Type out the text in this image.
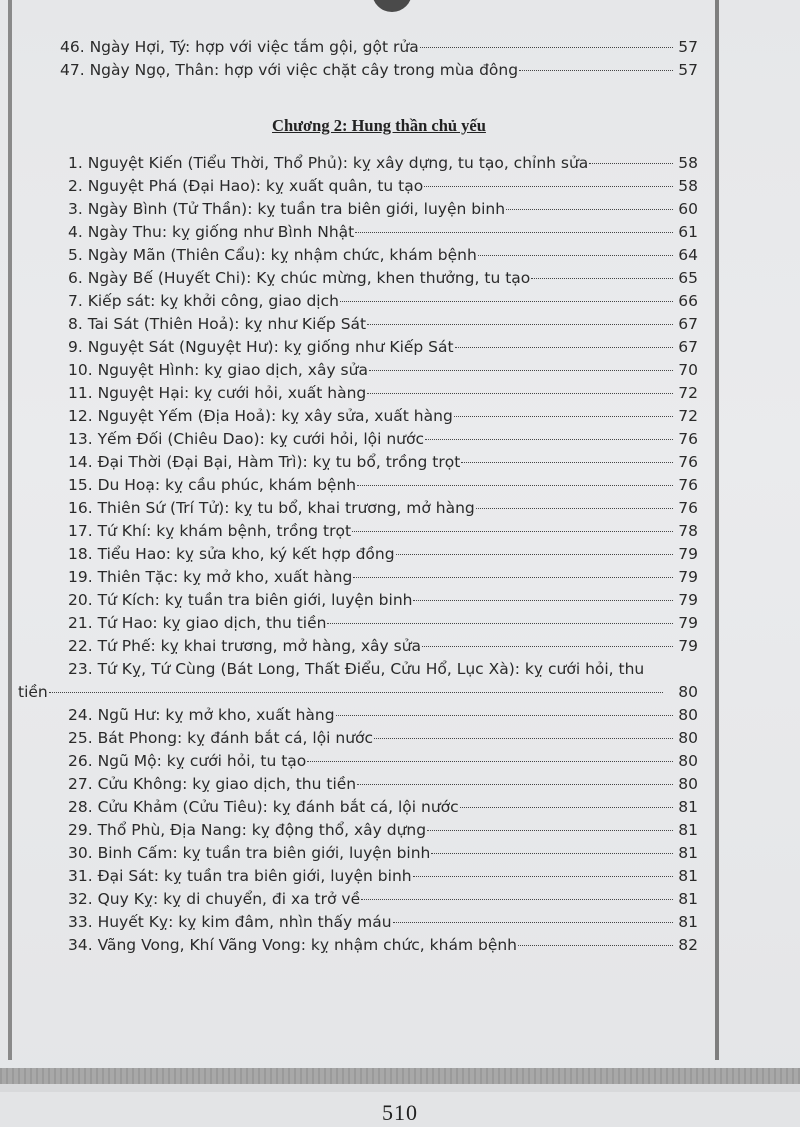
46. Ngày Hợi, Tý: hợp với việc tắm gội, gột rửa	57
47. Ngày Ngọ, Thân: hợp với việc chặt cây trong mùa đông	57
Chương 2: Hung thần chủ yếu
1. Nguyệt Kiến (Tiểu Thời, Thổ Phủ): kỵ xây dựng, tu tạo, chỉnh sửa	58
2. Nguyệt Phá (Đại Hao): kỵ xuất quân, tu tạo	58
3. Ngày Bình (Tử Thần): kỵ tuần tra biên giới, luyện binh	60
4. Ngày Thu: kỵ giống như Bình Nhật	61
5. Ngày Mãn (Thiên Cẩu): kỵ nhậm chức, khám bệnh	64
6. Ngày Bế (Huyết Chi): Kỵ chúc mừng, khen thưởng, tu tạo	65
7. Kiếp sát: kỵ khởi công, giao dịch	66
8. Tai Sát (Thiên Hoả): kỵ như Kiếp Sát	67
9. Nguyệt Sát (Nguyệt Hư): kỵ giống như Kiếp Sát	67
10. Nguyệt Hình: kỵ giao dịch, xây sửa	70
11. Nguyệt Hại: kỵ cưới hỏi, xuất hàng	72
12. Nguyệt Yếm (Địa Hoả): kỵ xây sửa, xuất hàng	72
13. Yếm Đối (Chiêu Dao): kỵ cưới hỏi, lội nước	76
14. Đại Thời (Đại Bại, Hàm Trì): kỵ tu bổ, trồng trọt	76
15. Du Hoạ: kỵ cầu phúc, khám bệnh	76
16. Thiên Sứ (Trí Tử): kỵ tu bổ, khai trương, mở hàng	76
17. Tứ Khí: kỵ khám bệnh, trồng trọt	78
18. Tiểu Hao: kỵ sửa kho, ký kết hợp đồng	79
19. Thiên Tặc: kỵ mở kho, xuất hàng	79
20. Tứ Kích: kỵ tuần tra biên giới, luyện binh	79
21. Tứ Hao: kỵ giao dịch, thu tiền	79
22. Tứ Phế: kỵ khai trương, mở hàng, xây sửa	79
23. Tứ Kỵ, Tứ Cùng (Bát Long, Thất Điểu, Cửu Hổ, Lục Xà): kỵ cưới hỏi, thu
tiền	80
24. Ngũ Hư: kỵ mở kho, xuất hàng	80
25. Bát Phong: kỵ đánh bắt cá, lội nước	80
26. Ngũ Mộ: kỵ cưới hỏi, tu tạo	80
27. Cửu Không: kỵ giao dịch, thu tiền	80
28. Cửu Khảm (Cửu Tiêu): kỵ đánh bắt cá, lội nước	81
29. Thổ Phù, Địa Nang: kỵ động thổ, xây dựng	81
30. Binh Cấm: kỵ tuần tra biên giới, luyện binh	81
31. Đại Sát: kỵ tuần tra biên giới, luyện binh	81
32. Quy Kỵ: kỵ di chuyển, đi xa trở về	81
33. Huyết Kỵ: kỵ kim đâm, nhìn thấy máu	81
34. Vãng Vong, Khí Vãng Vong: kỵ nhậm chức, khám bệnh	82
510
